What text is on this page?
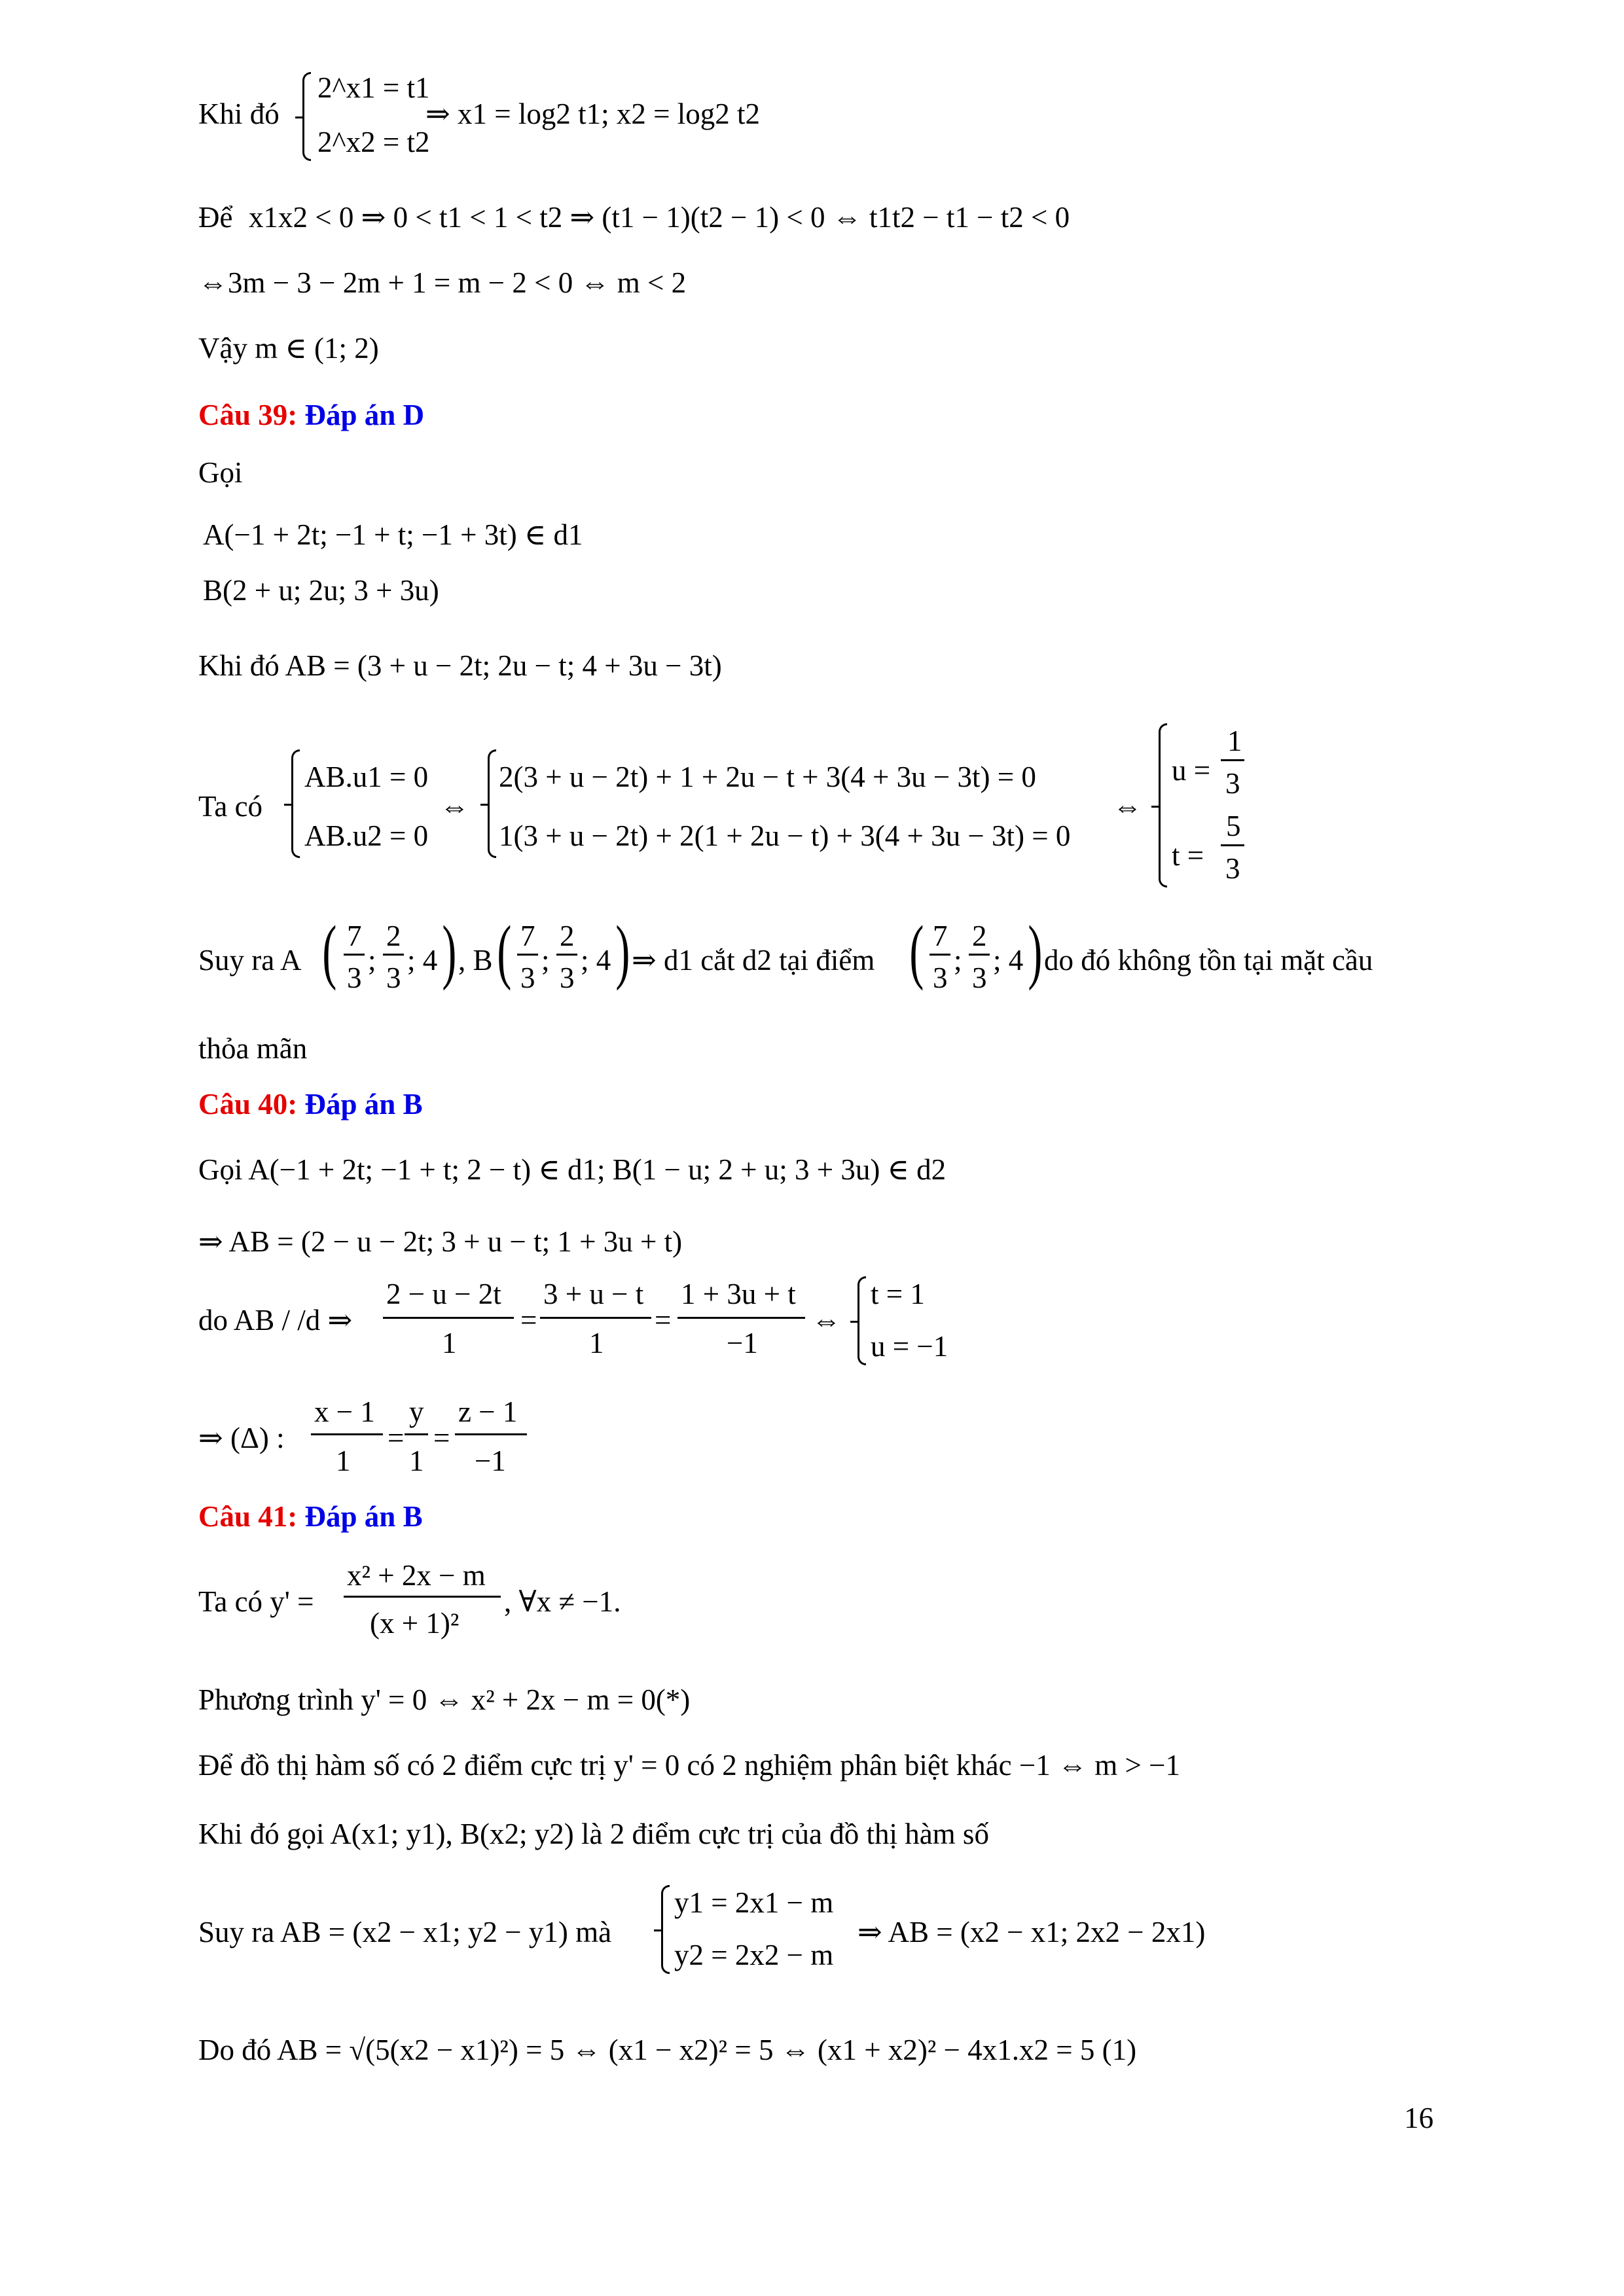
Khi đó
2^x1 = t1
2^x2 = t2
⇒ x1 = log2 t1; x2 = log2 t2
Để x1x2 < 0 ⇒ 0 < t1 < 1 < t2 ⇒ (t1 − 1)(t2 − 1) < 0 ⇔ t1t2 − t1 − t2 < 0
⇔3m − 3 − 2m + 1 = m − 2 < 0 ⇔ m < 2
Vậy m ∈ (1; 2)
Câu 39: Đáp án D
Gọi
A(−1 + 2t; −1 + t; −1 + 3t) ∈ d1
B(2 + u; 2u; 3 + 3u)
Khi đó AB = (3 + u − 2t; 2u − t; 4 + 3u − 3t)
Ta có
AB.u1 = 0
AB.u2 = 0
⇔
2(3 + u − 2t) + 1 + 2u − t + 3(4 + 3u − 3t) = 0
1(3 + u − 2t) + 2(1 + 2u − t) + 3(4 + 3u − 3t) = 0
⇔
u =
1
3
t =
5
3
Suy ra A ( 7
3
;
2
3
; 4 ) , B ( 7
3
;
2
3
; 4 ) ⇒ d1 cắt d2 tại điểm ( 7
3
;
2
3
; 4 ) do đó không tồn tại mặt cầu
thỏa mãn
Câu 40: Đáp án B
Gọi A(−1 + 2t; −1 + t; 2 − t) ∈ d1; B(1 − u; 2 + u; 3 + 3u) ∈ d2
⇒ AB = (2 − u − 2t; 3 + u − t; 1 + 3u + t)
do AB / /d ⇒
2 − u − 2t
1
=
3 + u − t
1
=
1 + 3u + t
−1
⇔
t = 1
u = −1
⇒ (Δ) :
x − 1
1
=
y
1
=
z − 1
−1
Câu 41: Đáp án B
Ta có y' =
x² + 2x − m
(x + 1)²
, ∀x ≠ −1.
Phương trình y' = 0 ⇔ x² + 2x − m = 0(*)
Để đồ thị hàm số có 2 điểm cực trị y' = 0 có 2 nghiệm phân biệt khác −1 ⇔ m > −1
Khi đó gọi A(x1; y1), B(x2; y2) là 2 điểm cực trị của đồ thị hàm số
Suy ra AB = (x2 − x1; y2 − y1) mà
y1 = 2x1 − m
y2 = 2x2 − m
⇒ AB = (x2 − x1; 2x2 − 2x1)
Do đó AB = √(5(x2 − x1)²) = 5 ⇔ (x1 − x2)² = 5 ⇔ (x1 + x2)² − 4x1.x2 = 5 (1)
16
